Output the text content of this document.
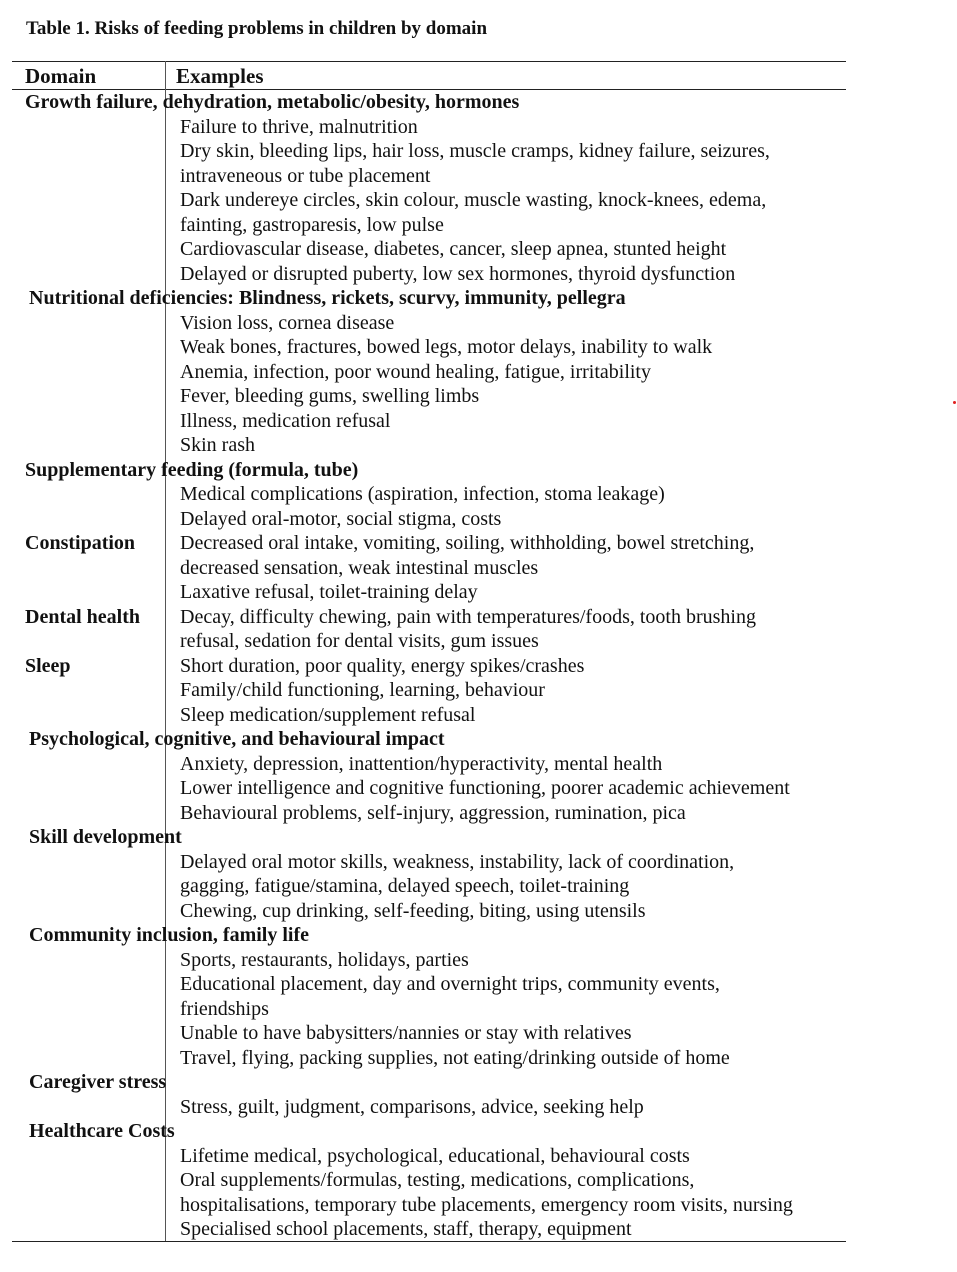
Table 1. Risks of feeding problems in children by domain
Domain	Examples
Growth failure, dehydration, metabolic/obesity, hormones
Failure to thrive, malnutrition
Dry skin, bleeding lips, hair loss, muscle cramps, kidney failure, seizures,
intraveneous or tube placement
Dark undereye circles, skin colour, muscle wasting, knock-knees, edema,
fainting, gastroparesis, low pulse
Cardiovascular disease, diabetes, cancer, sleep apnea, stunted height
Delayed or disrupted puberty, low sex hormones, thyroid dysfunction
Nutritional deficiencies: Blindness, rickets, scurvy, immunity, pellegra
Vision loss, cornea disease
Weak bones, fractures, bowed legs, motor delays, inability to walk
Anemia, infection, poor wound healing, fatigue, irritability
Fever, bleeding gums, swelling limbs
Illness, medication refusal
Skin rash
Supplementary feeding (formula, tube)
Medical complications (aspiration, infection, stoma leakage)
Delayed oral-motor, social stigma, costs
Constipation Decreased oral intake, vomiting, soiling, withholding, bowel stretching,
decreased sensation, weak intestinal muscles
Laxative refusal, toilet-training delay
Dental health Decay, difficulty chewing, pain with temperatures/foods, tooth brushing
refusal, sedation for dental visits, gum issues
Sleep	Short duration, poor quality, energy spikes/crashes
Family/child functioning, learning, behaviour
Sleep medication/supplement refusal
Psychological, cognitive, and behavioural impact
Anxiety, depression, inattention/hyperactivity, mental health
Lower intelligence and cognitive functioning, poorer academic achievement
Behavioural problems, self-injury, aggression, rumination, pica
Skill development
Delayed oral motor skills, weakness, instability, lack of coordination,
gagging, fatigue/stamina, delayed speech, toilet-training
Chewing, cup drinking, self-feeding, biting, using utensils
Community inclusion, family life
Sports, restaurants, holidays, parties
Educational placement, day and overnight trips, community events,
friendships
Unable to have babysitters/nannies or stay with relatives
Travel, flying, packing supplies, not eating/drinking outside of home
Caregiver stress
Stress, guilt, judgment, comparisons, advice, seeking help
Healthcare Costs
Lifetime medical, psychological, educational, behavioural costs
Oral supplements/formulas, testing, medications, complications,
hospitalisations, temporary tube placements, emergency room visits, nursing
Specialised school placements, staff, therapy, equipment
